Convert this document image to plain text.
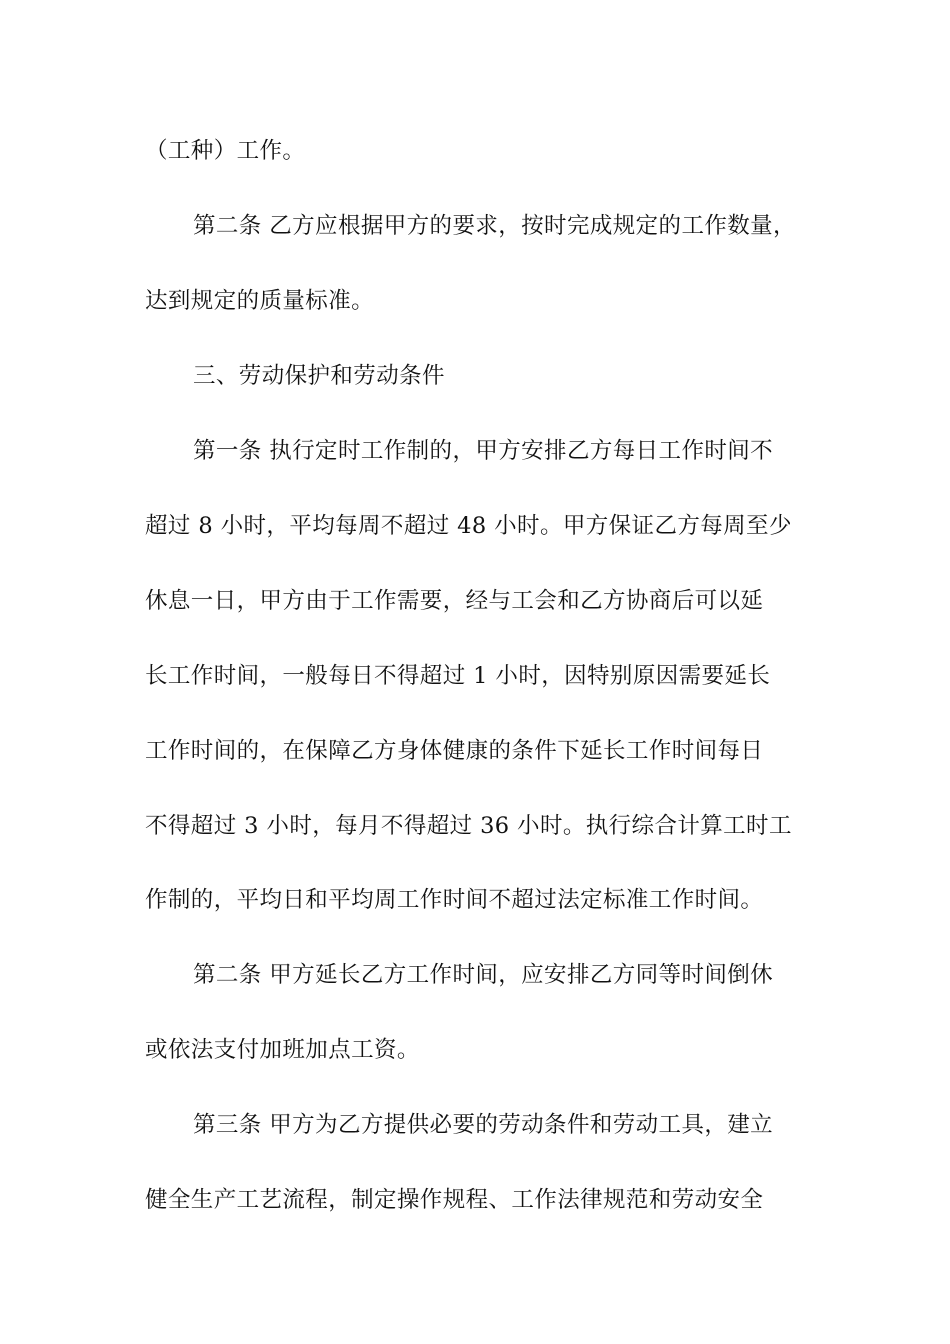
（工种）工作。
第二条 乙方应根据甲方的要求，按时完成规定的工作数量，
达到规定的质量标准。
三、劳动保护和劳动条件
第一条 执行定时工作制的，甲方安排乙方每日工作时间不
超过 8 小时，平均每周不超过 48 小时。甲方保证乙方每周至少
休息一日，甲方由于工作需要，经与工会和乙方协商后可以延
长工作时间，一般每日不得超过 1 小时，因特别原因需要延长
工作时间的，在保障乙方身体健康的条件下延长工作时间每日
不得超过 3 小时，每月不得超过 36 小时。执行综合计算工时工
作制的，平均日和平均周工作时间不超过法定标准工作时间。
第二条 甲方延长乙方工作时间，应安排乙方同等时间倒休
或依法支付加班加点工资。
第三条 甲方为乙方提供必要的劳动条件和劳动工具，建立
健全生产工艺流程，制定操作规程、工作法律规范和劳动安全
